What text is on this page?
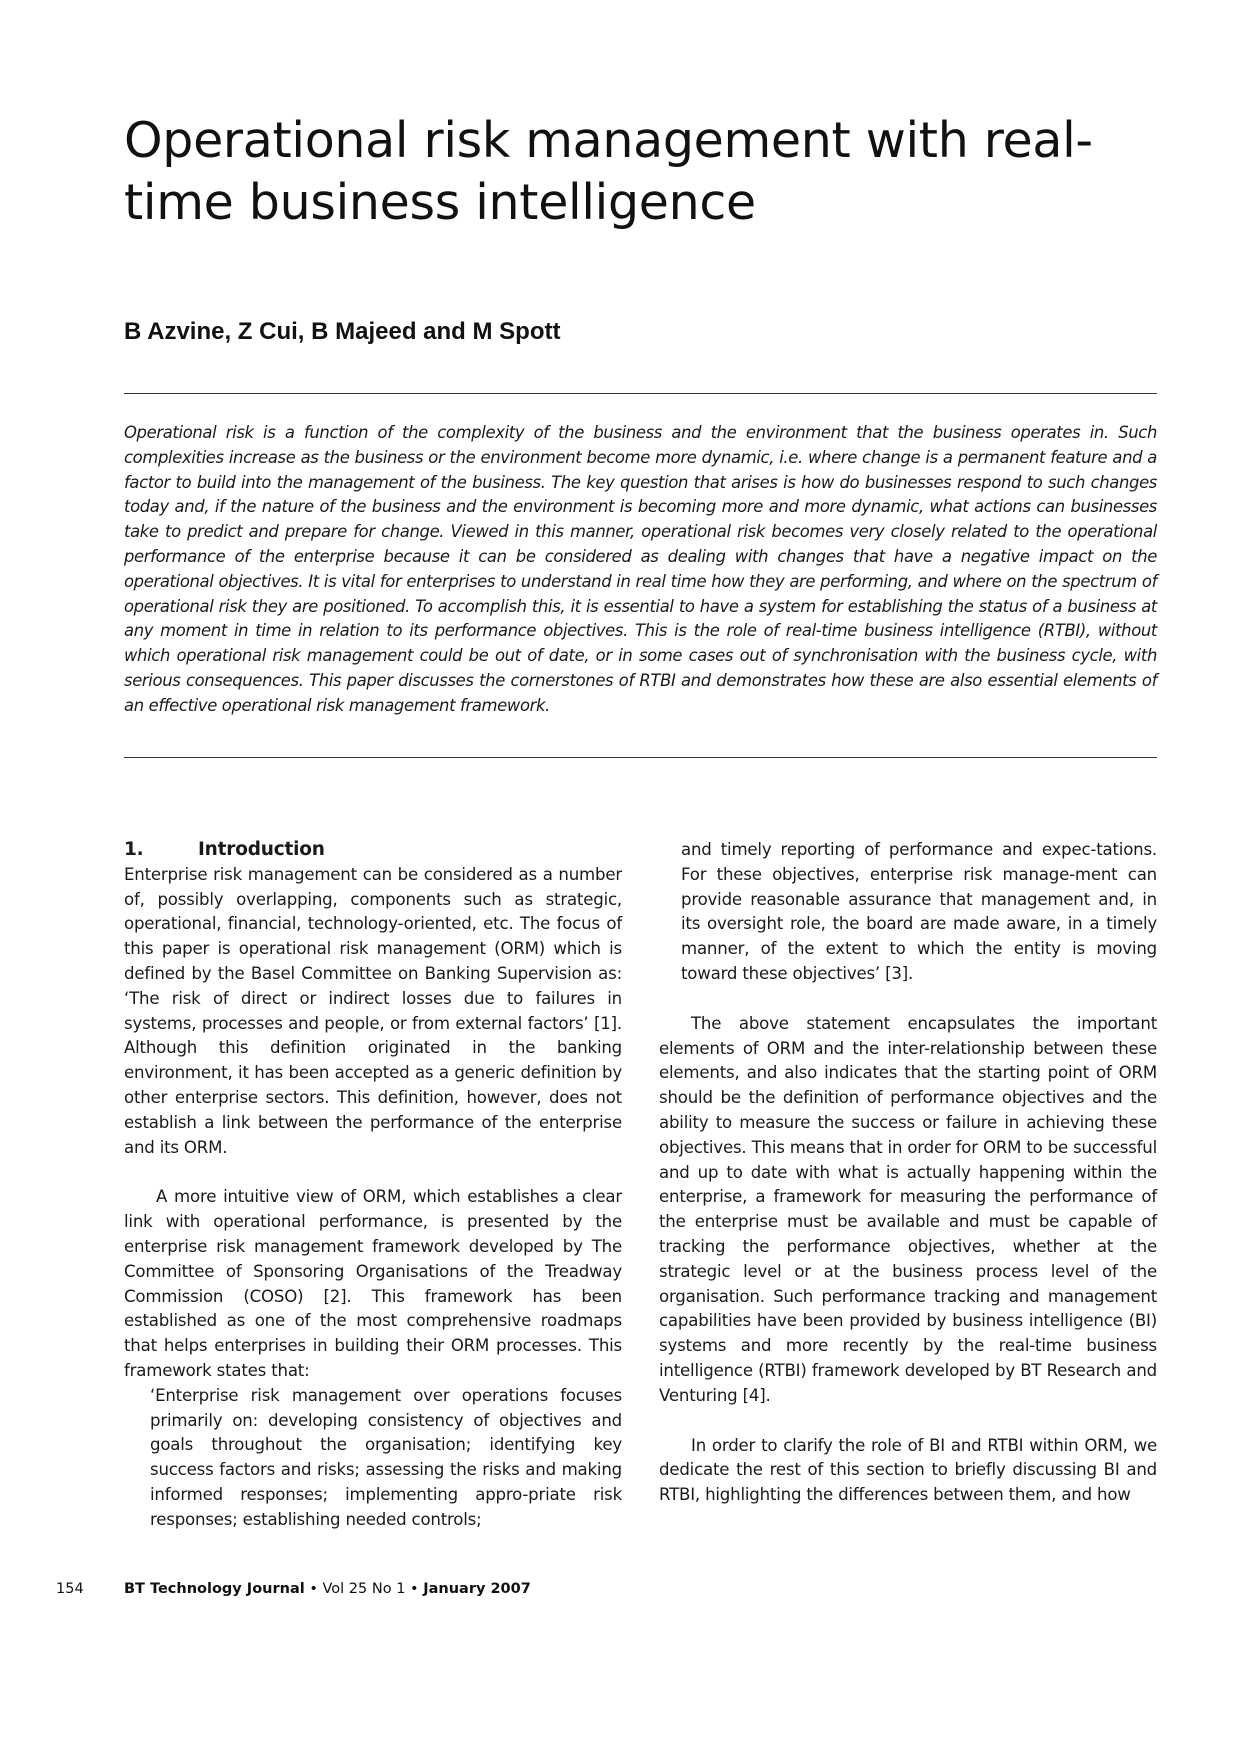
Operational risk management with real-time business intelligence
B Azvine, Z Cui, B Majeed and M Spott

Operational risk is a function of the complexity of the business and the environment that the business operates in. Such complexities increase as the business or the environment become more dynamic, i.e. where change is a permanent feature and a factor to build into the management of the business. The key question that arises is how do businesses respond to such changes today and, if the nature of the business and the environment is becoming more and more dynamic, what actions can businesses take to predict and prepare for change. Viewed in this manner, operational risk becomes very closely related to the operational performance of the enterprise because it can be considered as dealing with changes that have a negative impact on the operational objectives. It is vital for enterprises to understand in real time how they are performing, and where on the spectrum of operational risk they are positioned. To accomplish this, it is essential to have a system for establishing the status of a business at any moment in time in relation to its performance objectives. This is the role of real-time business intelligence (RTBI), without which operational risk management could be out of date, or in some cases out of synchronisation with the business cycle, with serious consequences. This paper discusses the cornerstones of RTBI and demonstrates how these are also essential elements of an effective operational risk management framework.

1.	Introduction

Enterprise risk management can be considered as a number of, possibly overlapping, components such as strategic, operational, financial, technology-oriented, etc. The focus of this paper is operational risk management (ORM) which is defined by the Basel Committee on Banking Supervision as: ‘The risk of direct or indirect losses due to failures in systems, processes and people, or from external factors’ [1]. Although this definition originated in the banking environment, it has been accepted as a generic definition by other enterprise sectors. This definition, however, does not establish a link between the performance of the enterprise and its ORM.

A more intuitive view of ORM, which establishes a clear link with operational performance, is presented by the enterprise risk management framework developed by The Committee of Sponsoring Organisations of the Treadway Commission (COSO) [2]. This framework has been established as one of the most comprehensive roadmaps that helps enterprises in building their ORM processes. This framework states that:

‘Enterprise risk management over operations focuses primarily on: developing consistency of objectives and goals throughout the organisation; identifying key success factors and risks; assessing the risks and making informed responses; implementing appro-priate risk responses; establishing needed controls;

and timely reporting of performance and expec-tations. For these objectives, enterprise risk manage-ment can provide reasonable assurance that management and, in its oversight role, the board are made aware, in a timely manner, of the extent to which the entity is moving toward these objectives’ [3].

The above statement encapsulates the important elements of ORM and the inter-relationship between these elements, and also indicates that the starting point of ORM should be the definition of performance objectives and the ability to measure the success or failure in achieving these objectives. This means that in order for ORM to be successful and up to date with what is actually happening within the enterprise, a framework for measuring the performance of the enterprise must be available and must be capable of tracking the performance objectives, whether at the strategic level or at the business process level of the organisation. Such performance tracking and management capabilities have been provided by business intelligence (BI) systems and more recently by the real-time business intelligence (RTBI) framework developed by BT Research and Venturing [4].

In order to clarify the role of BI and RTBI within ORM, we dedicate the rest of this section to briefly discussing BI and RTBI, highlighting the differences between them, and how

154	BT Technology Journal • Vol 25 No 1 • January 2007
